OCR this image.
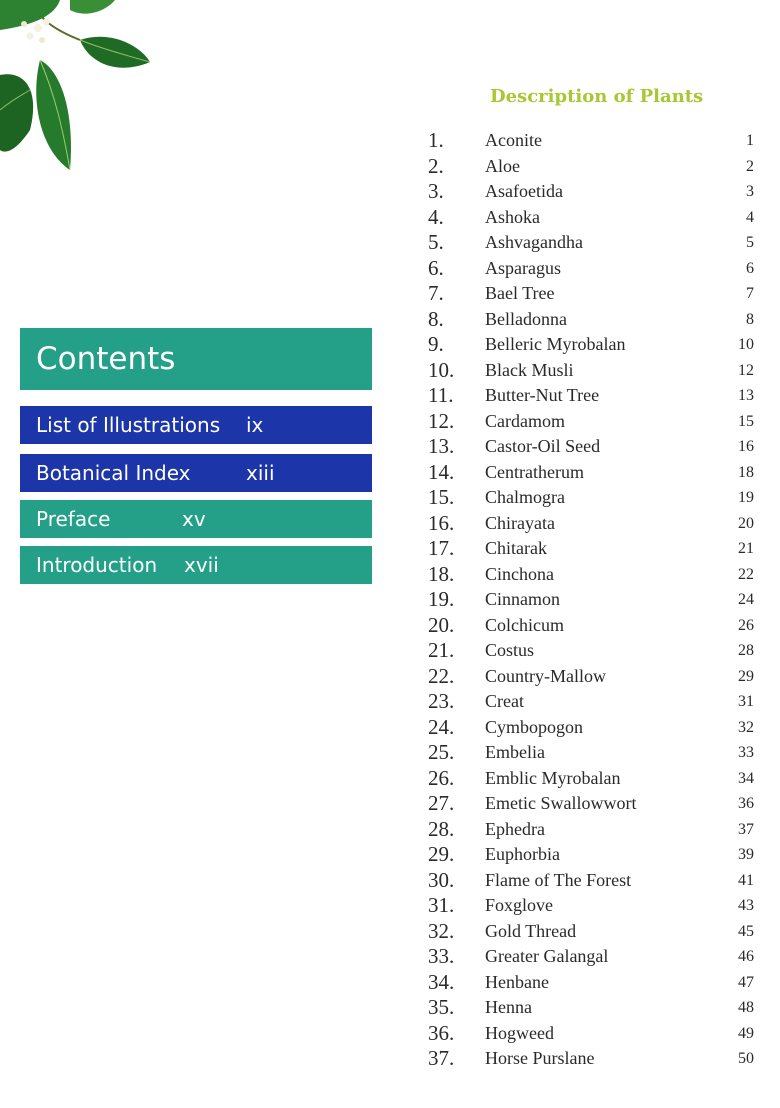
Contents
List of Illustrations ix
Botanical Index	xiii
Preface	xv
Introduction xvii
Description of Plants
1. Aconite	1
2. Aloe	2
3. Asafoetida	3
4. Ashoka	4
5. Ashvagandha	5
6. Asparagus	6
7. Bael Tree	7
8. Belladonna	8
9. Belleric Myrobalan	10
10. Black Musli	12
11. Butter-Nut Tree	13
12. Cardamom	15
13. Castor-Oil Seed	16
14. Centratherum	18
15. Chalmogra	19
16. Chirayata	20
17. Chitarak	21
18. Cinchona	22
19. Cinnamon	24
20. Colchicum	26
21. Costus	28
22. Country-Mallow	29
23. Creat	31
24. Cymbopogon	32
25. Embelia	33
26. Emblic Myrobalan	34
27. Emetic Swallowwort	36
28. Ephedra	37
29. Euphorbia	39
30. Flame of The Forest	41
31. Foxglove	43
32. Gold Thread	45
33. Greater Galangal	46
34. Henbane	47
35. Henna	48
36. Hogweed	49
37. Horse Purslane	50
